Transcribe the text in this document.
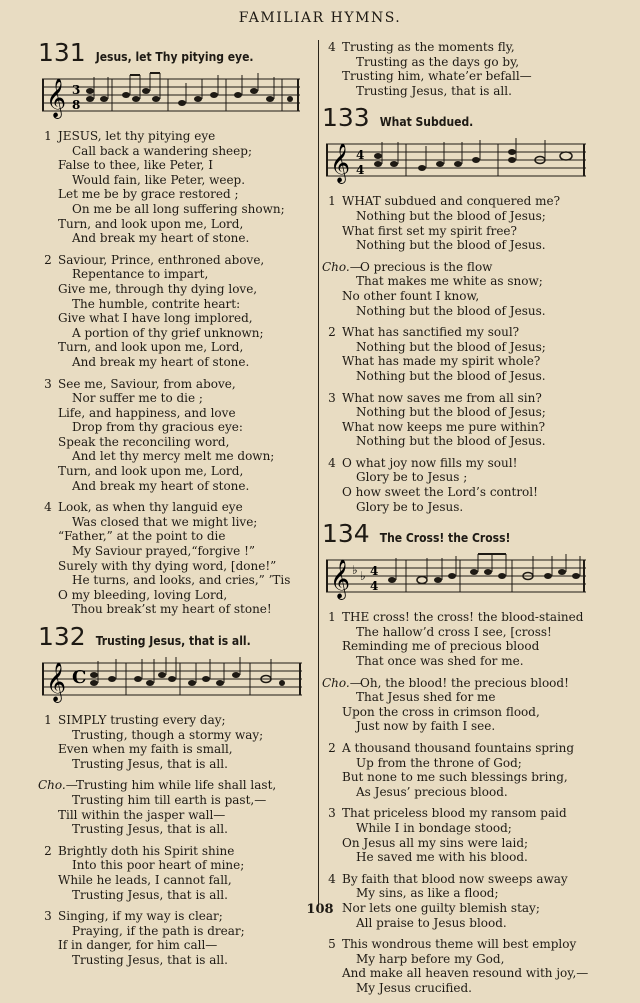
FAMILIAR HYMNS.
131 Jesus, let Thy pitying eye.
𝄞 3
8
1 JESUS, let thy pitying eye
Call back a wandering sheep;
False to thee, like Peter, I
Would fain, like Peter, weep.
Let me be by grace restored ;
On me be all long suffering shown;
Turn, and look upon me, Lord,
And break my heart of stone.
2 Saviour, Prince, enthroned above,
Repentance to impart,
Give me, through thy dying love,
The humble, contrite heart:
Give what I have long implored,
A portion of thy grief unknown;
Turn, and look upon me, Lord,
And break my heart of stone.
3 See me, Saviour, from above,
Nor suffer me to die ;
Life, and happiness, and love
Drop from thy gracious eye:
Speak the reconciling word,
And let thy mercy melt me down;
Turn, and look upon me, Lord,
And break my heart of stone.
4 Look, as when thy languid eye
Was closed that we might live;
“Father,” at the point to die
My Saviour prayed,“forgive !”
Surely with thy dying word, [done!”
He turns, and looks, and cries,” ’Tis
O my bleeding, loving Lord,
Thou break’st my heart of stone!
132 Trusting Jesus, that is all.
𝄞 C
1 SIMPLY trusting every day;
Trusting, though a stormy way;
Even when my faith is small,
Trusting Jesus, that is all.
Cho.—Trusting him while life shall last,
Trusting him till earth is past,—
Till within the jasper wall—
Trusting Jesus, that is all.
2 Brightly doth his Spirit shine
Into this poor heart of mine;
While he leads, I cannot fall,
Trusting Jesus, that is all.
3 Singing, if my way is clear;
Praying, if the path is drear;
If in danger, for him call—
Trusting Jesus, that is all.
4 Trusting as the moments fly,
Trusting as the days go by,
Trusting him, whate’er befall—
Trusting Jesus, that is all.
133 What Subdued.
𝄞 4
4
1 WHAT subdued and conquered me?
Nothing but the blood of Jesus;
What first set my spirit free?
Nothing but the blood of Jesus.
Cho.—O precious is the flow
That makes me white as snow;
No other fount I know,
Nothing but the blood of Jesus.
2 What has sanctified my soul?
Nothing but the blood of Jesus;
What has made my spirit whole?
Nothing but the blood of Jesus.
3 What now saves me from all sin?
Nothing but the blood of Jesus;
What now keeps me pure within?
Nothing but the blood of Jesus.
4 O what joy now fills my soul!
Glory be to Jesus ;
O how sweet the Lord’s control!
Glory be to Jesus.
134 The Cross! the Cross!
𝄞 ♭ ♭ 4
4
1 THE cross! the cross! the blood-stained
The hallow’d cross I see, [cross!
Reminding me of precious blood
That once was shed for me.
Cho.—Oh, the blood! the precious blood!
That Jesus shed for me
Upon the cross in crimson flood,
Just now by faith I see.
2 A thousand thousand fountains spring
Up from the throne of God;
But none to me such blessings bring,
As Jesus’ precious blood.
3 That priceless blood my ransom paid
While I in bondage stood;
On Jesus all my sins were laid;
He saved me with his blood.
4 By faith that blood now sweeps away
My sins, as like a flood;
Nor lets one guilty blemish stay;
All praise to Jesus blood.
5 This wondrous theme will best employ
My harp before my God,
And make all heaven resound with joy,—
My Jesus crucified.
108
